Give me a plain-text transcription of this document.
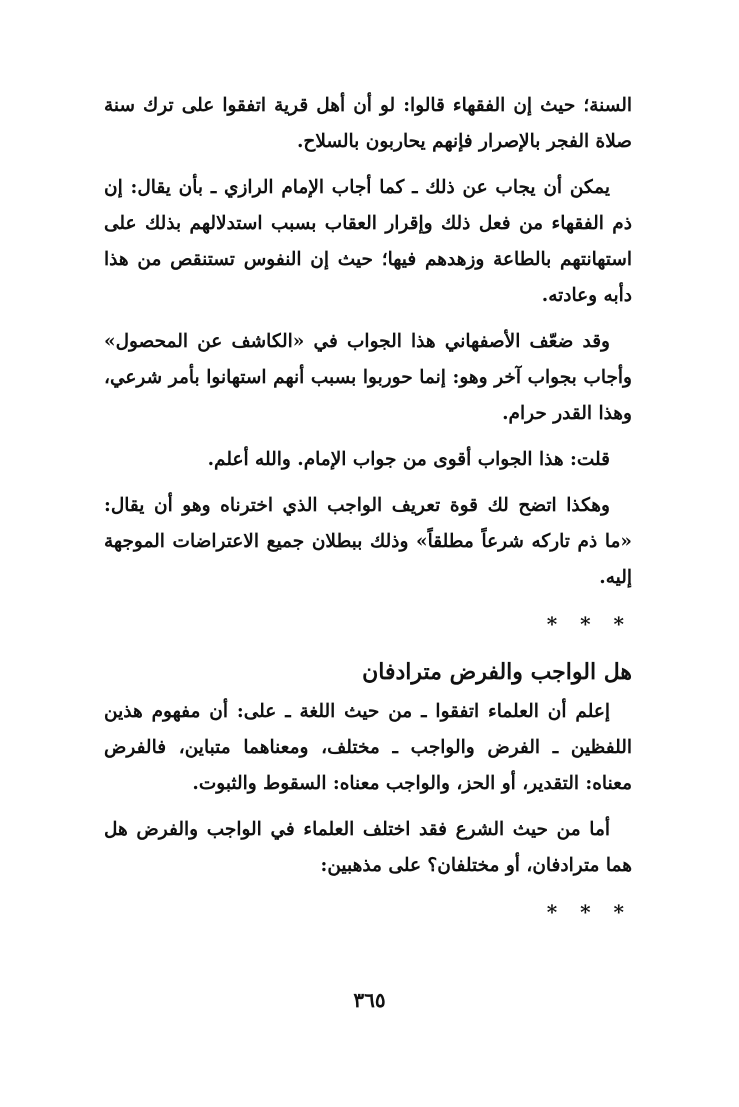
السنة؛ حيث إن الفقهاء قالوا: لو أن أهل قرية اتفقوا على ترك سنة صلاة الفجر بالإصرار فإنهم يحاربون بالسلاح.

يمكن أن يجاب عن ذلك ـ كما أجاب الإمام الرازي ـ بأن يقال: إن ذم الفقهاء من فعل ذلك وإقرار العقاب بسبب استدلالهم بذلك على استهانتهم بالطاعة وزهدهم فيها؛ حيث إن النفوس تستنقص من هذا دأبه وعادته.

وقد ضعّف الأصفهاني هذا الجواب في «الكاشف عن المحصول» وأجاب بجواب آخر وهو: إنما حوربوا بسبب أنهم استهانوا بأمر شرعي، وهذا القدر حرام.

قلت: هذا الجواب أقوى من جواب الإمام. والله أعلم.

وهكذا اتضح لك قوة تعريف الواجب الذي اخترناه وهو أن يقال: «ما ذم تاركه شرعاً مطلقاً» وذلك ببطلان جميع الاعتراضات الموجهة إليه.

* * *
هل الواجب والفرض مترادفان

إعلم أن العلماء اتفقوا ـ من حيث اللغة ـ على: أن مفهوم هذين اللفظين ـ الفرض والواجب ـ مختلف، ومعناهما متباين، فالفرض معناه: التقدير، أو الحز، والواجب معناه: السقوط والثبوت.

أما من حيث الشرع فقد اختلف العلماء في الواجب والفرض هل هما مترادفان، أو مختلفان؟ على مذهبين:

* * *
٣٦٥
